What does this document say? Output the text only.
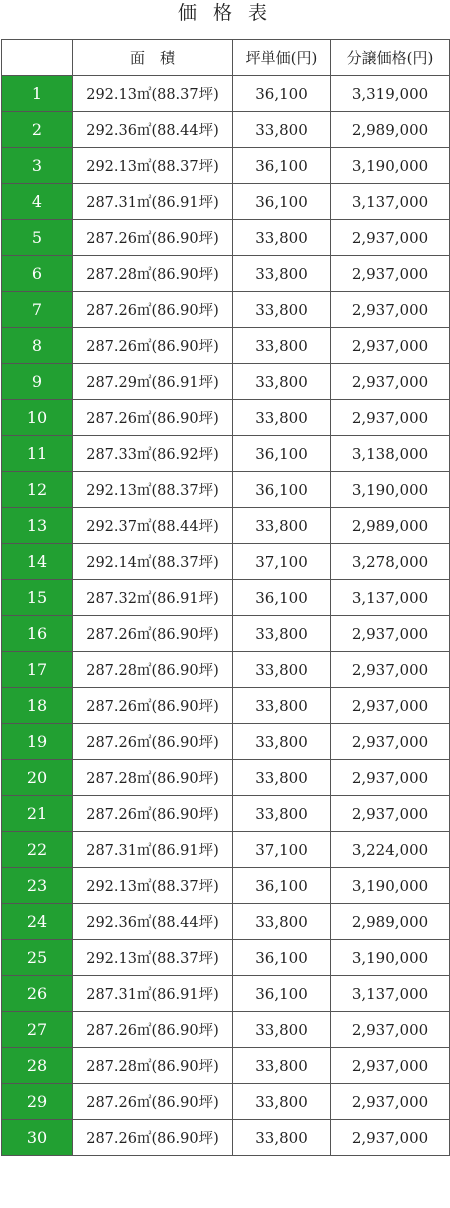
価 格 表
	面　積	坪単価(円)	分譲価格(円)
1	292.13㎡(88.37坪)	36,100	3,319,000
2	292.36㎡(88.44坪)	33,800	2,989,000
3	292.13㎡(88.37坪)	36,100	3,190,000
4	287.31㎡(86.91坪)	36,100	3,137,000
5	287.26㎡(86.90坪)	33,800	2,937,000
6	287.28㎡(86.90坪)	33,800	2,937,000
7	287.26㎡(86.90坪)	33,800	2,937,000
8	287.26㎡(86.90坪)	33,800	2,937,000
9	287.29㎡(86.91坪)	33,800	2,937,000
10	287.26㎡(86.90坪)	33,800	2,937,000
11	287.33㎡(86.92坪)	36,100	3,138,000
12	292.13㎡(88.37坪)	36,100	3,190,000
13	292.37㎡(88.44坪)	33,800	2,989,000
14	292.14㎡(88.37坪)	37,100	3,278,000
15	287.32㎡(86.91坪)	36,100	3,137,000
16	287.26㎡(86.90坪)	33,800	2,937,000
17	287.28㎡(86.90坪)	33,800	2,937,000
18	287.26㎡(86.90坪)	33,800	2,937,000
19	287.26㎡(86.90坪)	33,800	2,937,000
20	287.28㎡(86.90坪)	33,800	2,937,000
21	287.26㎡(86.90坪)	33,800	2,937,000
22	287.31㎡(86.91坪)	37,100	3,224,000
23	292.13㎡(88.37坪)	36,100	3,190,000
24	292.36㎡(88.44坪)	33,800	2,989,000
25	292.13㎡(88.37坪)	36,100	3,190,000
26	287.31㎡(86.91坪)	36,100	3,137,000
27	287.26㎡(86.90坪)	33,800	2,937,000
28	287.28㎡(86.90坪)	33,800	2,937,000
29	287.26㎡(86.90坪)	33,800	2,937,000
30	287.26㎡(86.90坪)	33,800	2,937,000
